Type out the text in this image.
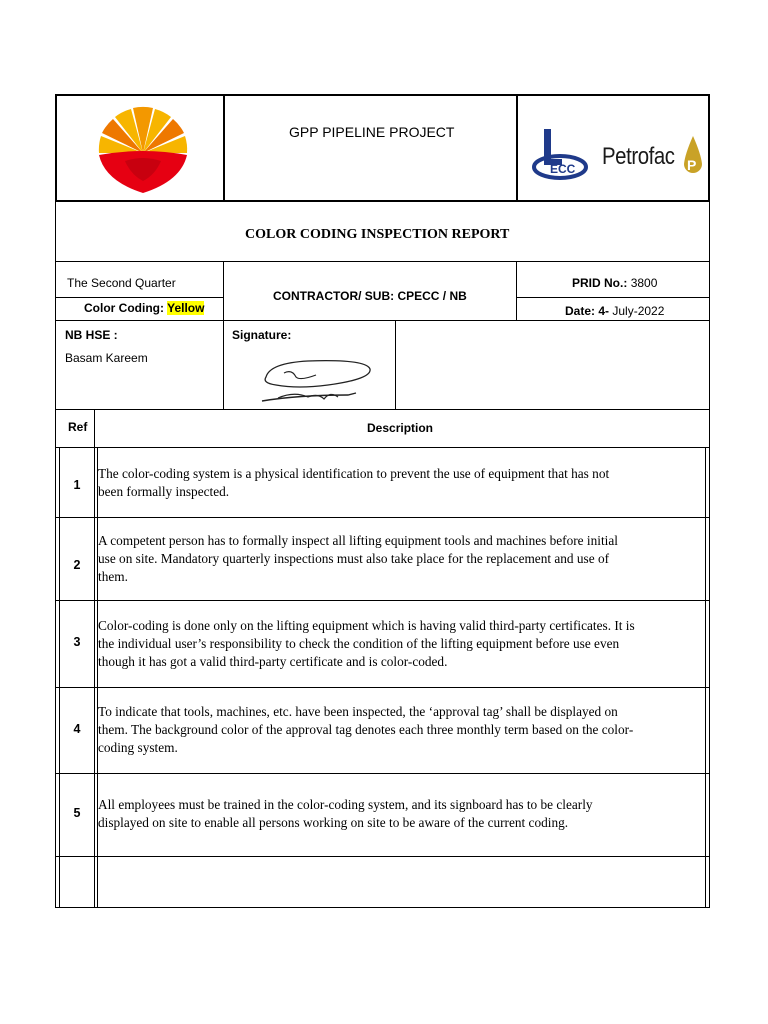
GPP PIPELINE PROJECT
ECC Petrofac P
COLOR CODING INSPECTION REPORT
The Second Quarter
Color Coding: Yellow
CONTRACTOR/ SUB: CPECC / NB
PRID No.: 3800
Date: 4- July-2022
NB HSE :
Basam Kareem
Signature:
Ref	Description
1
The color-coding system is a physical identification to prevent the use of equipment that has not
been formally inspected.
2
A competent person has to formally inspect all lifting equipment tools and machines before initial
use on site. Mandatory quarterly inspections must also take place for the replacement and use of
them.
3
Color-coding is done only on the lifting equipment which is having valid third-party certificates. It is
the individual user’s responsibility to check the condition of the lifting equipment before use even
though it has got a valid third-party certificate and is color-coded.
4
To indicate that tools, machines, etc. have been inspected, the ‘approval tag’ shall be displayed on
them. The background color of the approval tag denotes each three monthly term based on the color-
coding system.
5
All employees must be trained in the color-coding system, and its signboard has to be clearly
displayed on site to enable all persons working on site to be aware of the current coding.
